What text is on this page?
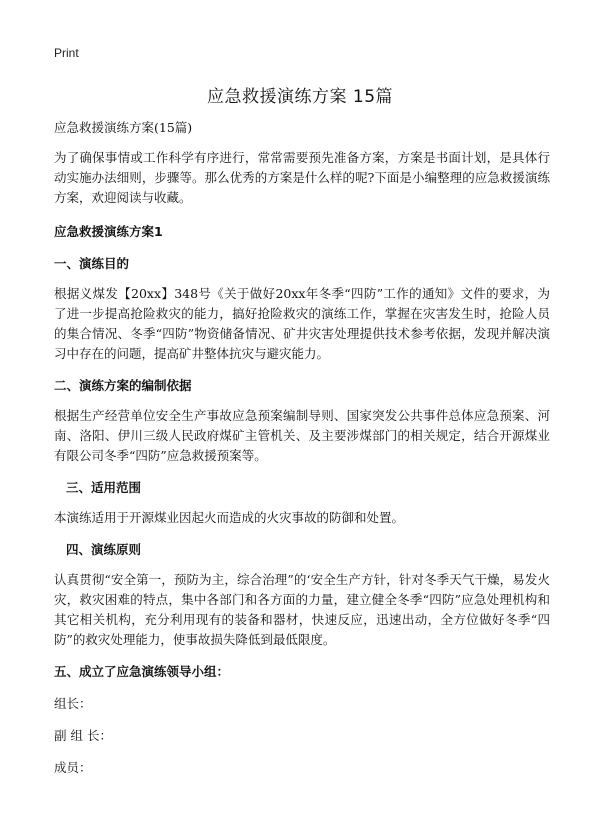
Print
应急救援演练方案 15篇

应急救援演练方案(15篇)

为了确保事情或工作科学有序进行，常常需要预先准备方案，方案是书面计划，是具体行动实施办法细则，步骤等。那么优秀的方案是什么样的呢?下面是小编整理的应急救援演练方案，欢迎阅读与收藏。

应急救援演练方案1

一、演练目的

根据义煤发【20xx】348号《关于做好20xx年冬季“四防”工作的通知》文件的要求，为了进一步提高抢险救灾的能力，搞好抢险救灾的演练工作，掌握在灾害发生时，抢险人员的集合情况、冬季“四防”物资储备情况、矿井灾害处理提供技术参考依据，发现并解决演习中存在的问题，提高矿井整体抗灾与避灾能力。

二、演练方案的编制依据

根据生产经营单位安全生产事故应急预案编制导则、国家突发公共事件总体应急预案、河南、洛阳、伊川三级人民政府煤矿主管机关、及主要涉煤部门的相关规定，结合开源煤业有限公司冬季“四防”应急救援预案等。

三、适用范围

本演练适用于开源煤业因起火而造成的火灾事故的防御和处置。

四、演练原则

认真贯彻“安全第一，预防为主，综合治理”的‘安全生产方针，针对冬季天气干燥，易发火灾，救灾困难的特点，集中各部门和各方面的力量，建立健全冬季“四防”应急处理机构和其它相关机构，充分利用现有的装备和器材，快速反应，迅速出动，全方位做好冬季“四防”的救灾处理能力，使事故损失降低到最低限度。

五、成立了应急演练领导小组：

组长：

副 组 长：

成员：
